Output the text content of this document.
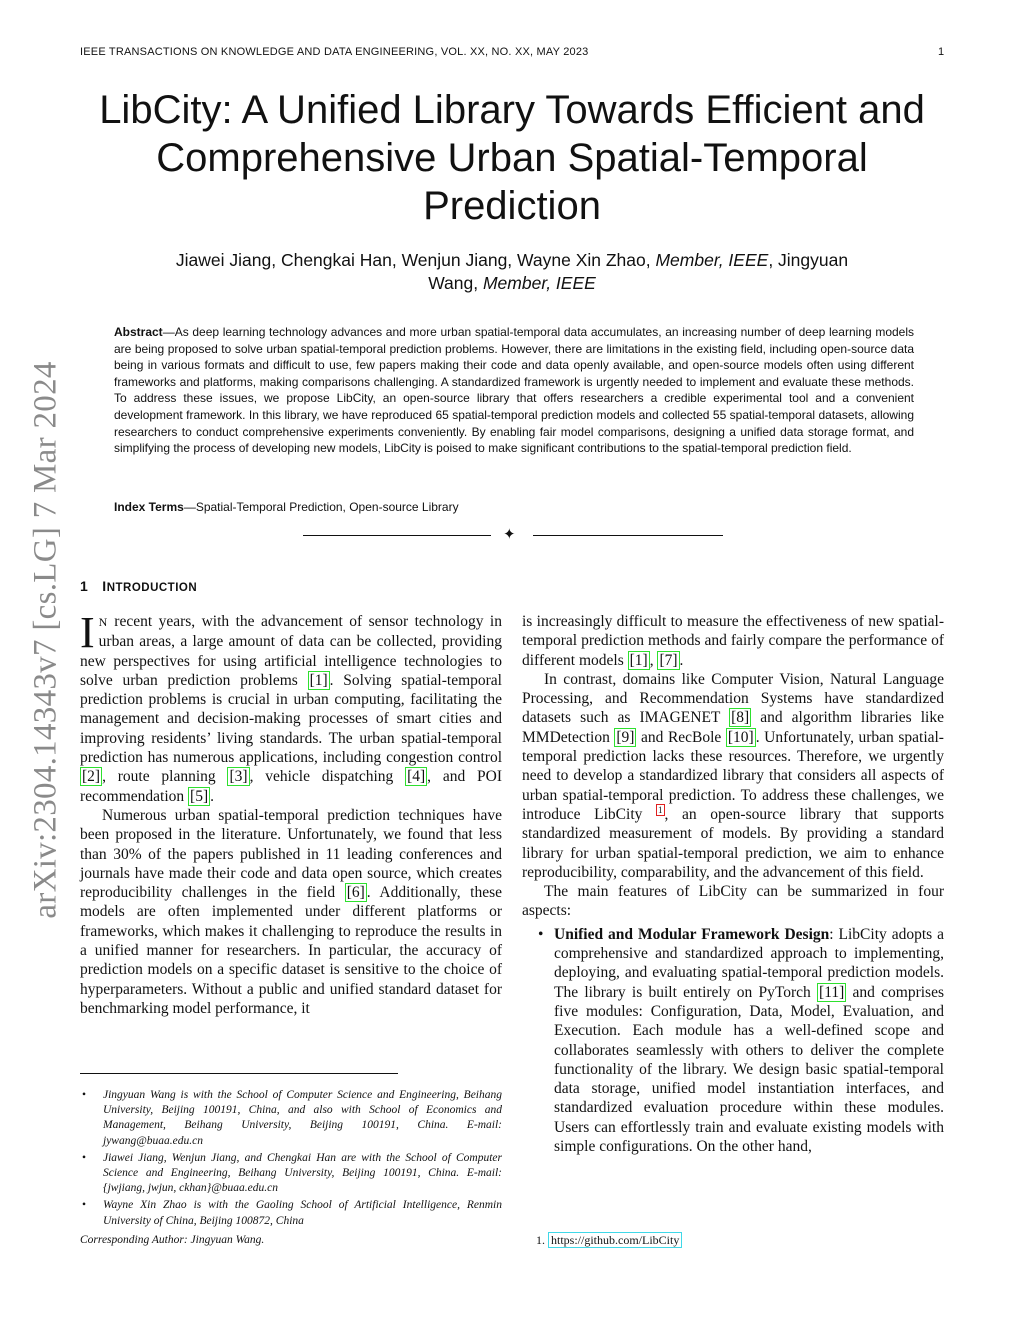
IEEE TRANSACTIONS ON KNOWLEDGE AND DATA ENGINEERING, VOL. XX, NO. XX, MAY 2023	1
arXiv:2304.14343v7 [cs.LG] 7 Mar 2024
LibCity: A Unified Library Towards Efficient and
Comprehensive Urban Spatial-Temporal
Prediction
Jiawei Jiang, Chengkai Han, Wenjun Jiang, Wayne Xin Zhao, Member, IEEE, Jingyuan
Wang, Member, IEEE
Abstract—As deep learning technology advances and more urban spatial-temporal data accumulates, an increasing number of deep learning models are being proposed to solve urban spatial-temporal prediction problems. However, there are limitations in the existing field, including open-source data being in various formats and difficult to use, few papers making their code and data openly available, and open-source models often using different frameworks and platforms, making comparisons challenging. A standardized framework is urgently needed to implement and evaluate these methods. To address these issues, we propose LibCity, an open-source library that offers researchers a credible experimental tool and a convenient development framework. In this library, we have reproduced 65 spatial-temporal prediction models and collected 55 spatial-temporal datasets, allowing researchers to conduct comprehensive experiments conveniently. By enabling fair model comparisons, designing a unified data storage format, and simplifying the process of developing new models, LibCity is poised to make significant contributions to the spatial-temporal prediction field.
Index Terms—Spatial-Temporal Prediction, Open-source Library
✦
1 INTRODUCTION

I N recent years, with the advancement of sensor technology in urban areas, a large amount of data can be collected, providing new perspectives for using artificial intelligence technologies to solve urban prediction problems [1] . Solving spatial-temporal prediction problems is crucial in urban computing, facilitating the management and decision-making processes of smart cities and improving residents’ living standards. The urban spatial-temporal prediction has numerous applications, including congestion control [2] , route planning [3] , vehicle dispatching [4] , and POI recommendation [5] .

Numerous urban spatial-temporal prediction techniques have been proposed in the literature. Unfortunately, we found that less than 30% of the papers published in 11 leading conferences and journals have made their code and data open source, which creates reproducibility challenges in the field [6] . Additionally, these models are often implemented under different platforms or frameworks, which makes it challenging to reproduce the results in a unified manner for researchers. In particular, the accuracy of prediction models on a specific dataset is sensitive to the choice of hyperparameters. Without a public and unified standard dataset for benchmarking model performance, it

• Jingyuan Wang is with the School of Computer Science and Engineering, Beihang University, Beijing 100191, China, and also with School of Economics and Management, Beihang University, Beijing 100191, China. E-mail: jywang@buaa.edu.cn
• Jiawei Jiang, Wenjun Jiang, and Chengkai Han are with the School of Computer Science and Engineering, Beihang University, Beijing 100191, China. E-mail: {jwjiang, jwjun, ckhan}@buaa.edu.cn
• Wayne Xin Zhao is with the Gaoling School of Artificial Intelligence, Renmin University of China, Beijing 100872, China
Corresponding Author: Jingyuan Wang.

is increasingly difficult to measure the effectiveness of new spatial-temporal prediction methods and fairly compare the performance of different models [1] , [7] .

In contrast, domains like Computer Vision, Natural Language Processing, and Recommendation Systems have standardized datasets such as IMAGENET [8] and algorithm libraries like MMDetection [9] and RecBole [10] . Unfortunately, urban spatial-temporal prediction lacks these resources. Therefore, we urgently need to develop a standardized library that considers all aspects of urban spatial-temporal prediction. To address these challenges, we introduce LibCity $^1$ , an open-source library that supports standardized measurement of models. By providing a standard library for urban spatial-temporal prediction, we aim to enhance reproducibility, comparability, and the advancement of this field.

The main features of LibCity can be summarized in four aspects:

• Unified and Modular Framework Design: LibCity adopts a comprehensive and standardized approach to implementing, deploying, and evaluating spatial-temporal prediction models. The library is built entirely on PyTorch [11] and comprises five modules: Configuration, Data, Model, Evaluation, and Execution. Each module has a well-defined scope and collaborates seamlessly with others to deliver the complete functionality of the library. We design basic spatial-temporal data storage, unified model instantiation interfaces, and standardized evaluation procedure within these modules. Users can effortlessly train and evaluate existing models with simple configurations. On the other hand,
1. https://github.com/LibCity
